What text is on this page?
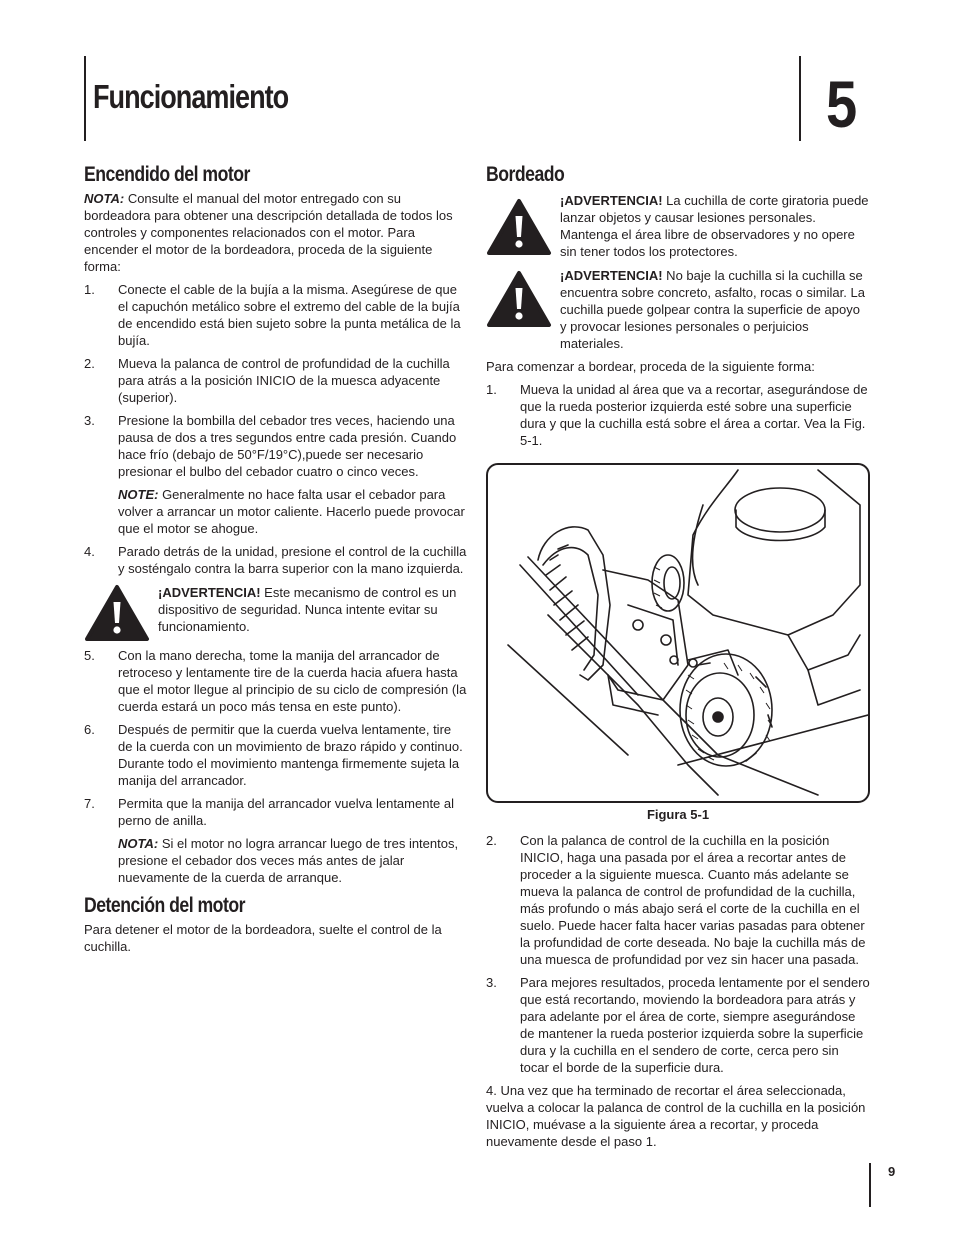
Funcionamiento	5
Encendido del motor

NOTA: Consulte el manual del motor entregado con su bordeadora para obtener una descripción detallada de todos los controles y componentes relacionados con el motor. Para encender el motor de la bordeadora, proceda de la siguiente forma:

1. Conecte el cable de la bujía a la misma. Asegúrese de que el capuchón metálico sobre el extremo del cable de la bujía de encendido está bien sujeto sobre la punta metálica de la bujía.

2. Mueva la palanca de control de profundidad de la cuchilla para atrás a la posición INICIO de la muesca adyacente (superior).

3. Presione la bombilla del cebador tres veces, haciendo una pausa de dos a tres segundos entre cada presión. Cuando hace frío (debajo de 50°F/19°C),puede ser necesario presionar el bulbo del cebador cuatro o cinco veces.

NOTE: Generalmente no hace falta usar el cebador para volver a arrancar un motor caliente. Hacerlo puede provocar que el motor se ahogue.

4. Parado detrás de la unidad, presione el control de la cuchilla y sosténgalo contra la barra superior con la mano izquierda.

¡ADVERTENCIA! Este mecanismo de control es un dispositivo de seguridad. Nunca intente evitar su funcionamiento.

5. Con la mano derecha, tome la manija del arrancador de retroceso y lentamente tire de la cuerda hacia afuera hasta que el motor llegue al principio de su ciclo de compresión (la cuerda estará un poco más tensa en este punto).

6. Después de permitir que la cuerda vuelva lentamente, tire de la cuerda con un movimiento de brazo rápido y continuo. Durante todo el movimiento mantenga firmemente sujeta la manija del arrancador.

7. Permita que la manija del arrancador vuelva lentamente al perno de anilla.

NOTA: Si el motor no logra arrancar luego de tres intentos, presione el cebador dos veces más antes de jalar nuevamente de la cuerda de arranque.

Detención del motor

Para detener el motor de la bordeadora, suelte el control de la cuchilla.

Bordeado

¡ADVERTENCIA! La cuchilla de corte giratoria puede lanzar objetos y causar lesiones personales. Mantenga el área libre de observadores y no opere sin tener todos los protectores.

¡ADVERTENCIA! No baje la cuchilla si la cuchilla se encuentra sobre concreto, asfalto, rocas o similar. La cuchilla puede golpear contra la superficie de apoyo y provocar lesiones personales o perjuicios materiales.

Para comenzar a bordear, proceda de la siguiente forma:

1. Mueva la unidad al área que va a recortar, asegurándose de que la rueda posterior izquierda esté sobre una superficie dura y que la cuchilla está sobre el área a cortar. Vea la Fig. 5-1.

Figura 5-1
2. Con la palanca de control de la cuchilla en la posición INICIO, haga una pasada por el área a recortar antes de proceder a la siguiente muesca. Cuanto más adelante se mueva la palanca de control de profundidad de la cuchilla, más profundo o más abajo será el corte de la cuchilla en el suelo. Puede hacer falta hacer varias pasadas para obtener la profundidad de corte deseada. No baje la cuchilla más de una muesca de profundidad por vez sin hacer una pasada.

3. Para mejores resultados, proceda lentamente por el sendero que está recortando, moviendo la bordeadora para atrás y para adelante por el área de corte, siempre asegurándose de mantener la rueda posterior izquierda sobre la superficie dura y la cuchilla en el sendero de corte, cerca pero sin tocar el borde de la superficie dura.

4. Una vez que ha terminado de recortar el área seleccionada, vuelva a colocar la palanca de control de la cuchilla en la posición INICIO, muévase a la siguiente área a recortar, y proceda nuevamente desde el paso 1.

9
